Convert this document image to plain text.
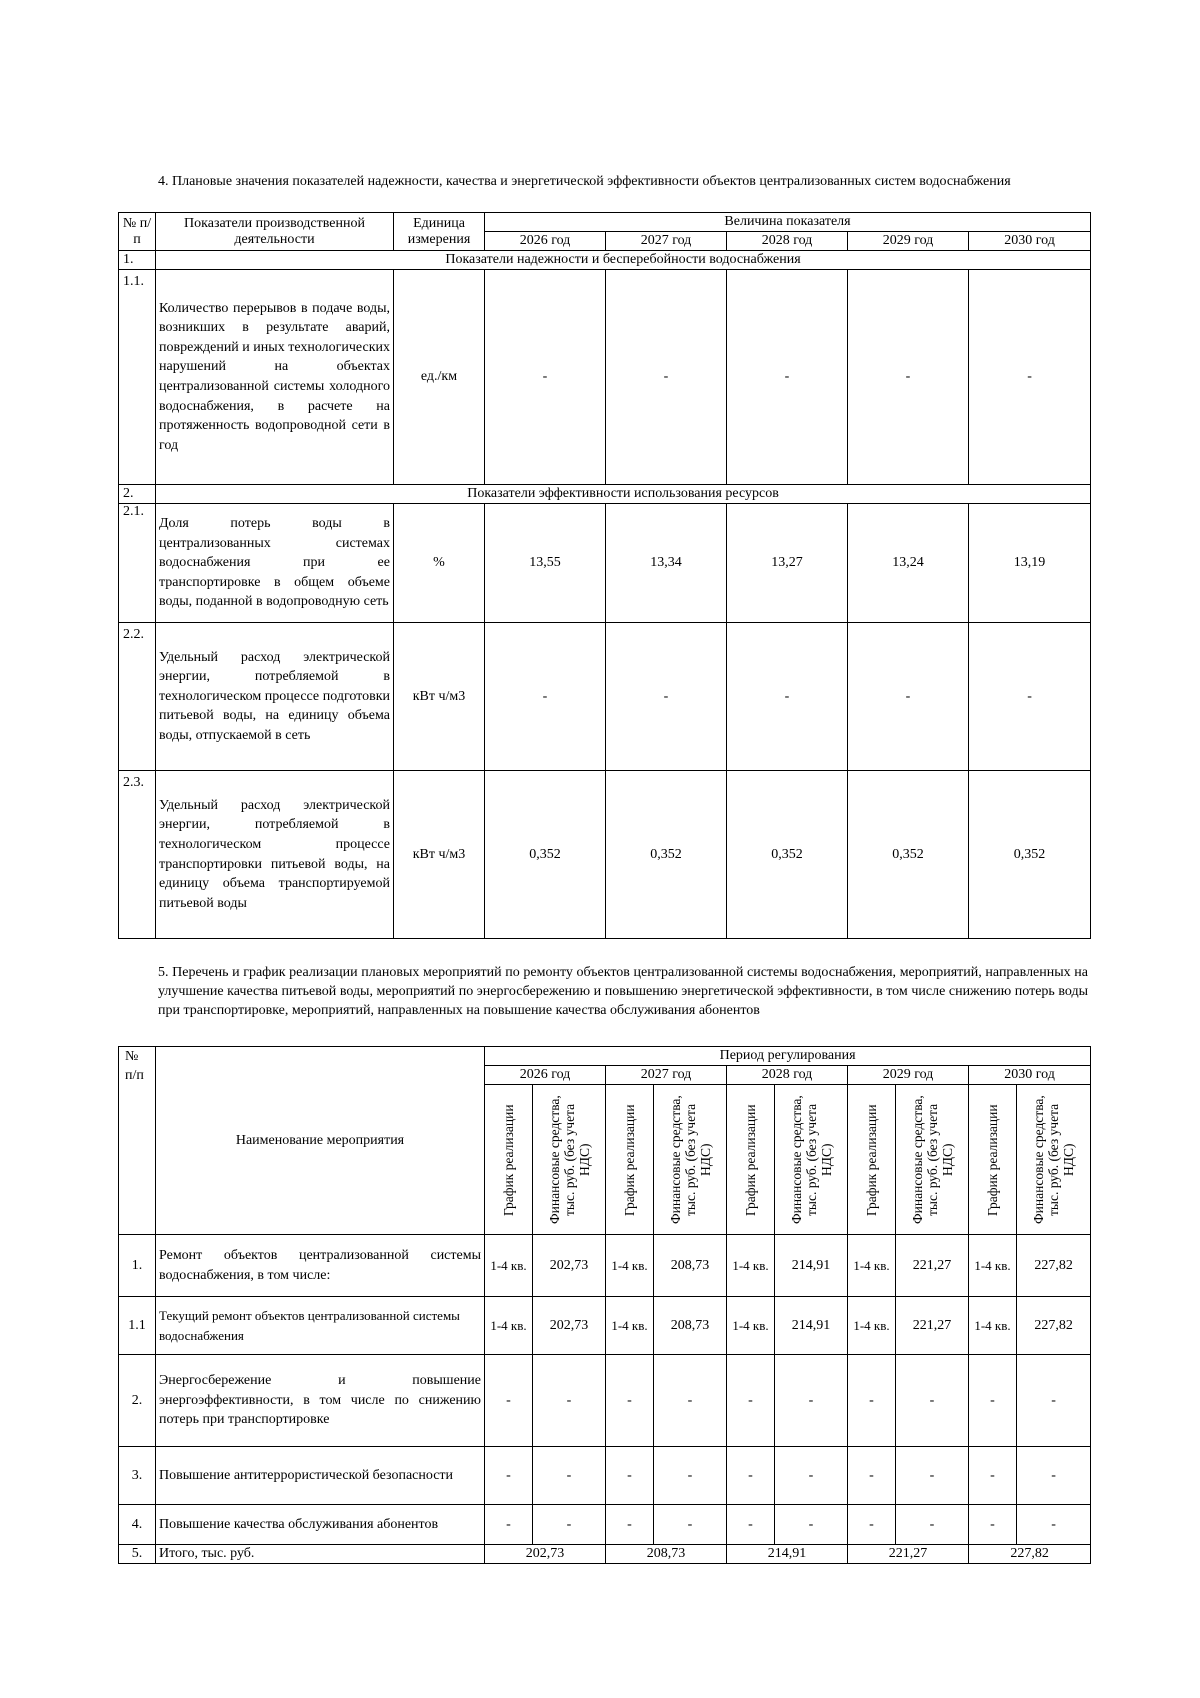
4. Плановые значения показателей надежности, качества и энергетической эффективности объектов централизованных систем водоснабжения
№ п/п	Показатели производственной деятельности	Единица измерения	Величина показателя				
			2026 год	2027 год	2028 год	2029 год	2030 год
1.	Показатели надежности и бесперебойности водоснабжения						
1.1.	Количество перерывов в подаче воды, возникших в результате аварий, повреждений и иных технологических нарушений на объектах централизованной системы холодного водоснабжения, в расчете на протяженность водопроводной сети в год	ед./км	-	-	-	-	-
2.	Показатели эффективности использования ресурсов						
2.1.	Доля потерь воды в централизованных системах водоснабжения при ее транспортировке в общем объеме воды, поданной в водопроводную сеть	%	13,55	13,34	13,27	13,24	13,19
2.2.	Удельный расход электрической энергии, потребляемой в технологическом процессе подготовки питьевой воды, на единицу объема воды, отпускаемой в сеть	кВт ч/м3	-	-	-	-	-
2.3.	Удельный расход электрической энергии, потребляемой в технологическом процессе транспортировки питьевой воды, на единицу объема транспортируемой питьевой воды	кВт ч/м3	0,352	0,352	0,352	0,352	0,352
5. Перечень и график реализации плановых мероприятий по ремонту объектов централизованной системы водоснабжения, мероприятий, направленных на улучшение качества питьевой воды, мероприятий по энергосбережению и повышению энергетической эффективности, в том числе снижению потерь воды при транспортировке, мероприятий, направленных на повышение качества обслуживания абонентов
№ п/п	Наименование мероприятия	Период регулирования									
		2026 год		2027 год		2028 год		2029 год		2030 год	

		График реализации	Финансовые средства, тыс. руб. (без учета НДС)	График реализации	Финансовые средства, тыс. руб. (без учета НДС)	График реализации	Финансовые средства, тыс. руб. (без учета НДС)	График реализации	Финансовые средства, тыс. руб. (без учета НДС)	График реализации	Финансовые средства, тыс. руб. (без учета НДС)

1.	Ремонт объектов централизованной системы водоснабжения, в том числе:	1-4 кв.	202,73	1-4 кв.	208,73	1-4 кв.	214,91	1-4 кв.	221,27	1-4 кв.	227,82
1.1	Текущий ремонт объектов централизованной системы водоснабжения	1-4 кв.	202,73	1-4 кв.	208,73	1-4 кв.	214,91	1-4 кв.	221,27	1-4 кв.	227,82
2.	Энергосбережение и повышение энергоэффективности, в том числе по снижению потерь при транспортировке	-	-	-	-	-	-	-	-	-	-
3.	Повышение антитеррористической безопасности	-	-	-	-	-	-	-	-	-	-
4.	Повышение качества обслуживания абонентов	-	-	-	-	-	-	-	-	-	-
5.	Итого, тыс. руб.	202,73		208,73		214,91		221,27		227,82	
